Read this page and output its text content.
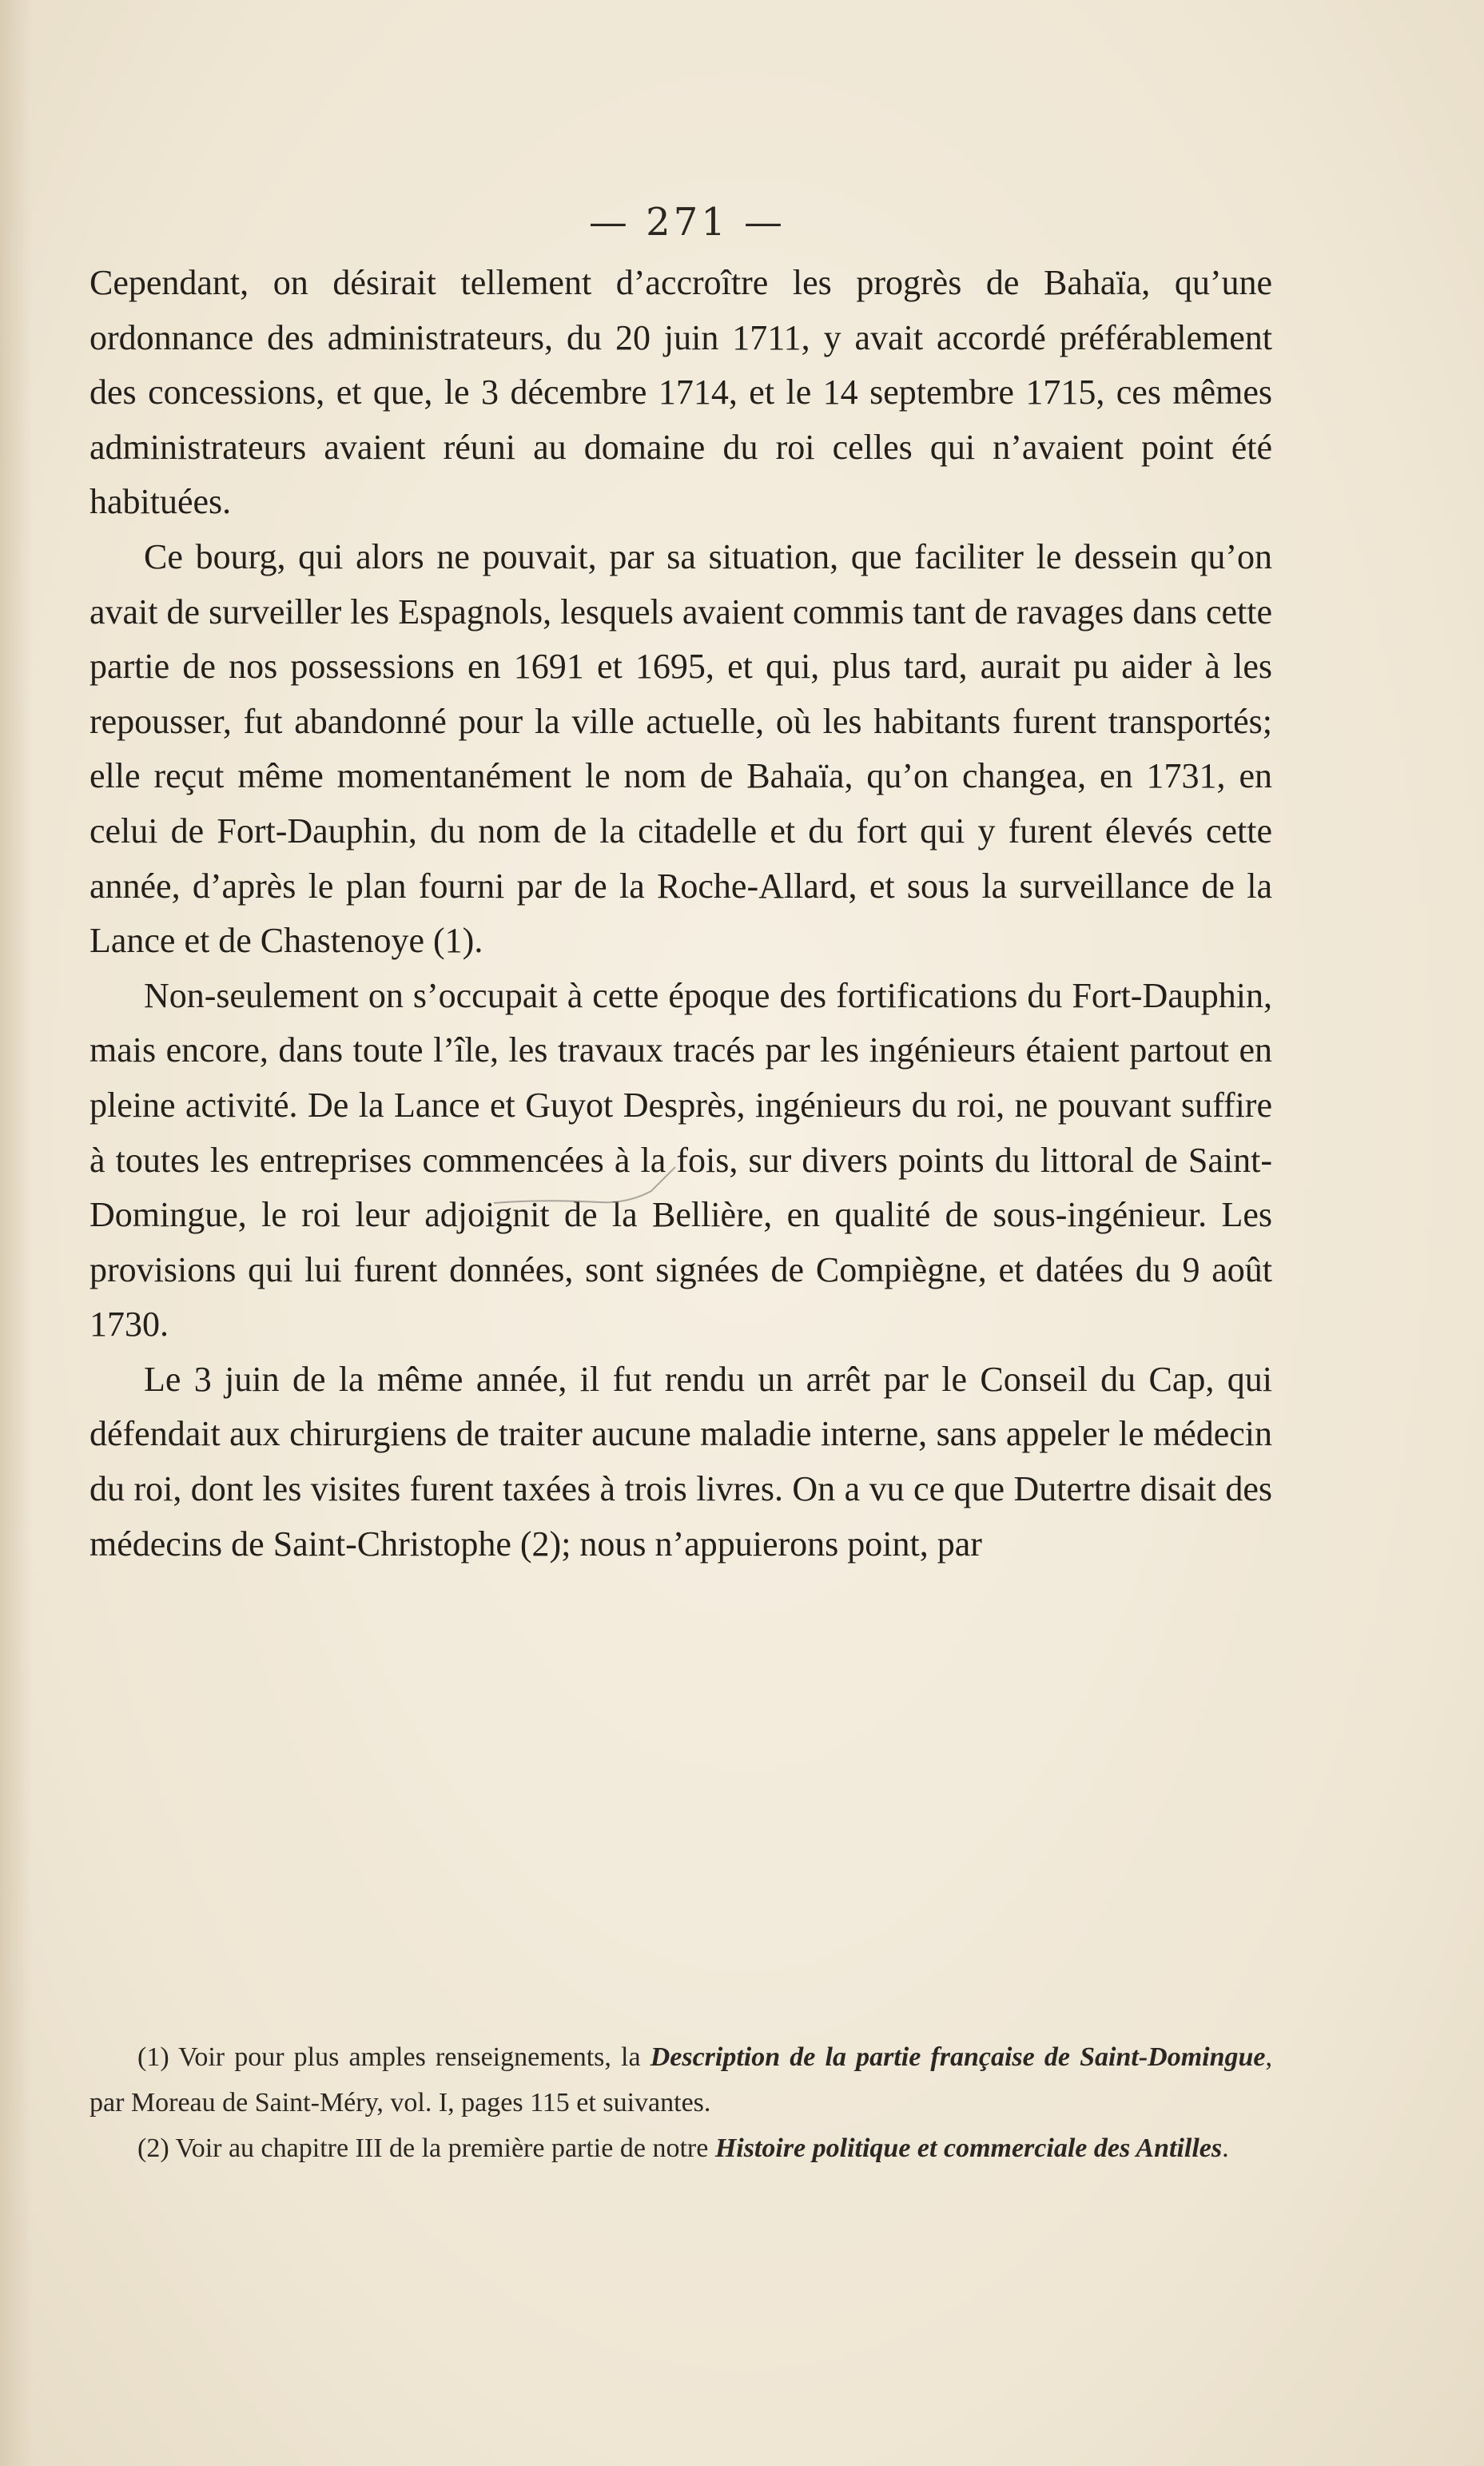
— 271 —

Cependant, on désirait tellement d’accroître les progrès de Bahaïa, qu’une ordonnance des administrateurs, du 20 juin 1711, y avait accordé préférablement des concessions, et que, le 3 décembre 1714, et le 14 septembre 1715, ces mêmes administrateurs avaient réuni au domaine du roi celles qui n’avaient point été habituées.

Ce bourg, qui alors ne pouvait, par sa situation, que faciliter le dessein qu’on avait de surveiller les Espagnols, lesquels avaient commis tant de ravages dans cette partie de nos possessions en 1691 et 1695, et qui, plus tard, aurait pu aider à les repousser, fut abandonné pour la ville actuelle, où les habitants furent transportés; elle reçut même momentanément le nom de Bahaïa, qu’on changea, en 1731, en celui de Fort-Dauphin, du nom de la citadelle et du fort qui y furent élevés cette année, d’après le plan fourni par de la Roche-Allard, et sous la surveillance de la Lance et de Chastenoye (1).

Non-seulement on s’occupait à cette époque des fortifications du Fort-Dauphin, mais encore, dans toute l’île, les travaux tracés par les ingénieurs étaient partout en pleine activité. De la Lance et Guyot Desprès, ingénieurs du roi, ne pouvant suffire à toutes les entreprises commencées à la fois, sur divers points du littoral de Saint-Domingue, le roi leur adjoignit de la Bellière, en qualité de sous-ingénieur. Les provisions qui lui furent données, sont signées de Compiègne, et datées du 9 août 1730.

Le 3 juin de la même année, il fut rendu un arrêt par le Conseil du Cap, qui défendait aux chirurgiens de traiter aucune maladie interne, sans appeler le médecin du roi, dont les visites furent taxées à trois livres. On a vu ce que Dutertre disait des médecins de Saint-Christophe (2); nous n’appuierons point, par

(1) Voir pour plus amples renseignements, la Description de la partie française de Saint-Domingue, par Moreau de Saint-Méry, vol. I, pages 115 et suivantes.

(2) Voir au chapitre III de la première partie de notre Histoire politique et commerciale des Antilles.
